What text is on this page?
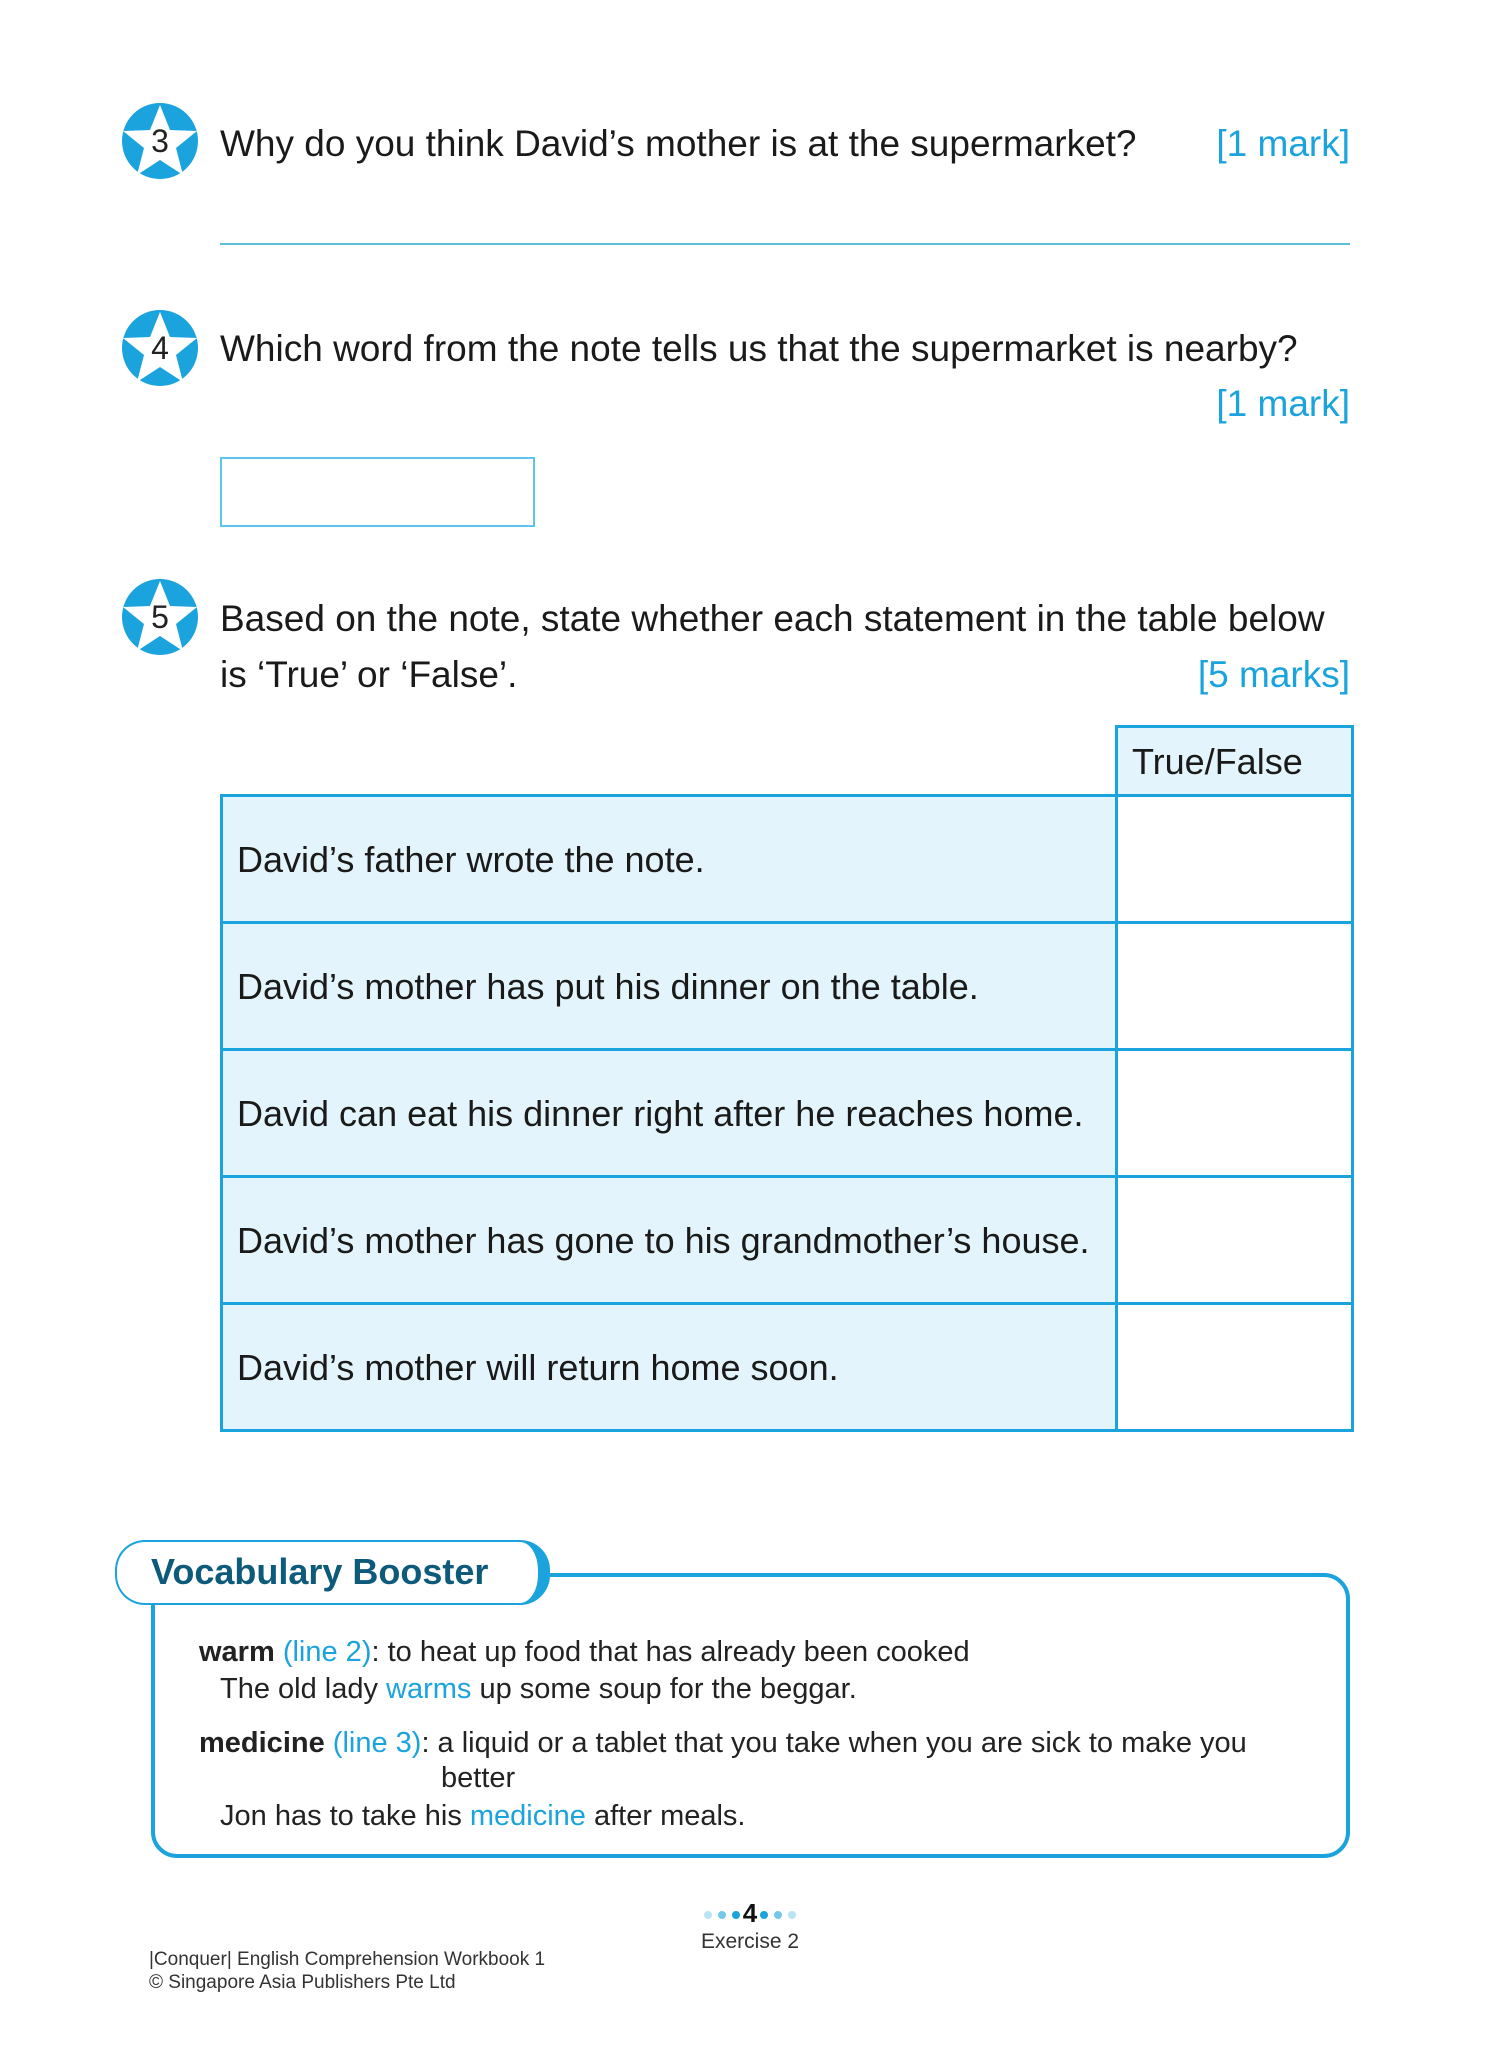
3	Why do you think David’s mother is at the supermarket? [1 mark]
4	Which word from the note tells us that the supermarket is nearby?
[1 mark]
5	Based on the note, state whether each statement in the table below
is ‘True’ or ‘False’.	[5 marks]
	True/False
David’s father wrote the note.	
David’s mother has put his dinner on the table.	
David can eat his dinner right after he reaches home.	
David’s mother has gone to his grandmother’s house.	
David’s mother will return home soon.	
Vocabulary Booster
warm (line 2): to heat up food that has already been cooked
The old lady warms up some soup for the beggar.
medicine (line 3): a liquid or a tablet that you take when you are sick to make you
better
Jon has to take his medicine after meals.
4
Exercise 2
|Conquer| English Comprehension Workbook 1
© Singapore Asia Publishers Pte Ltd
